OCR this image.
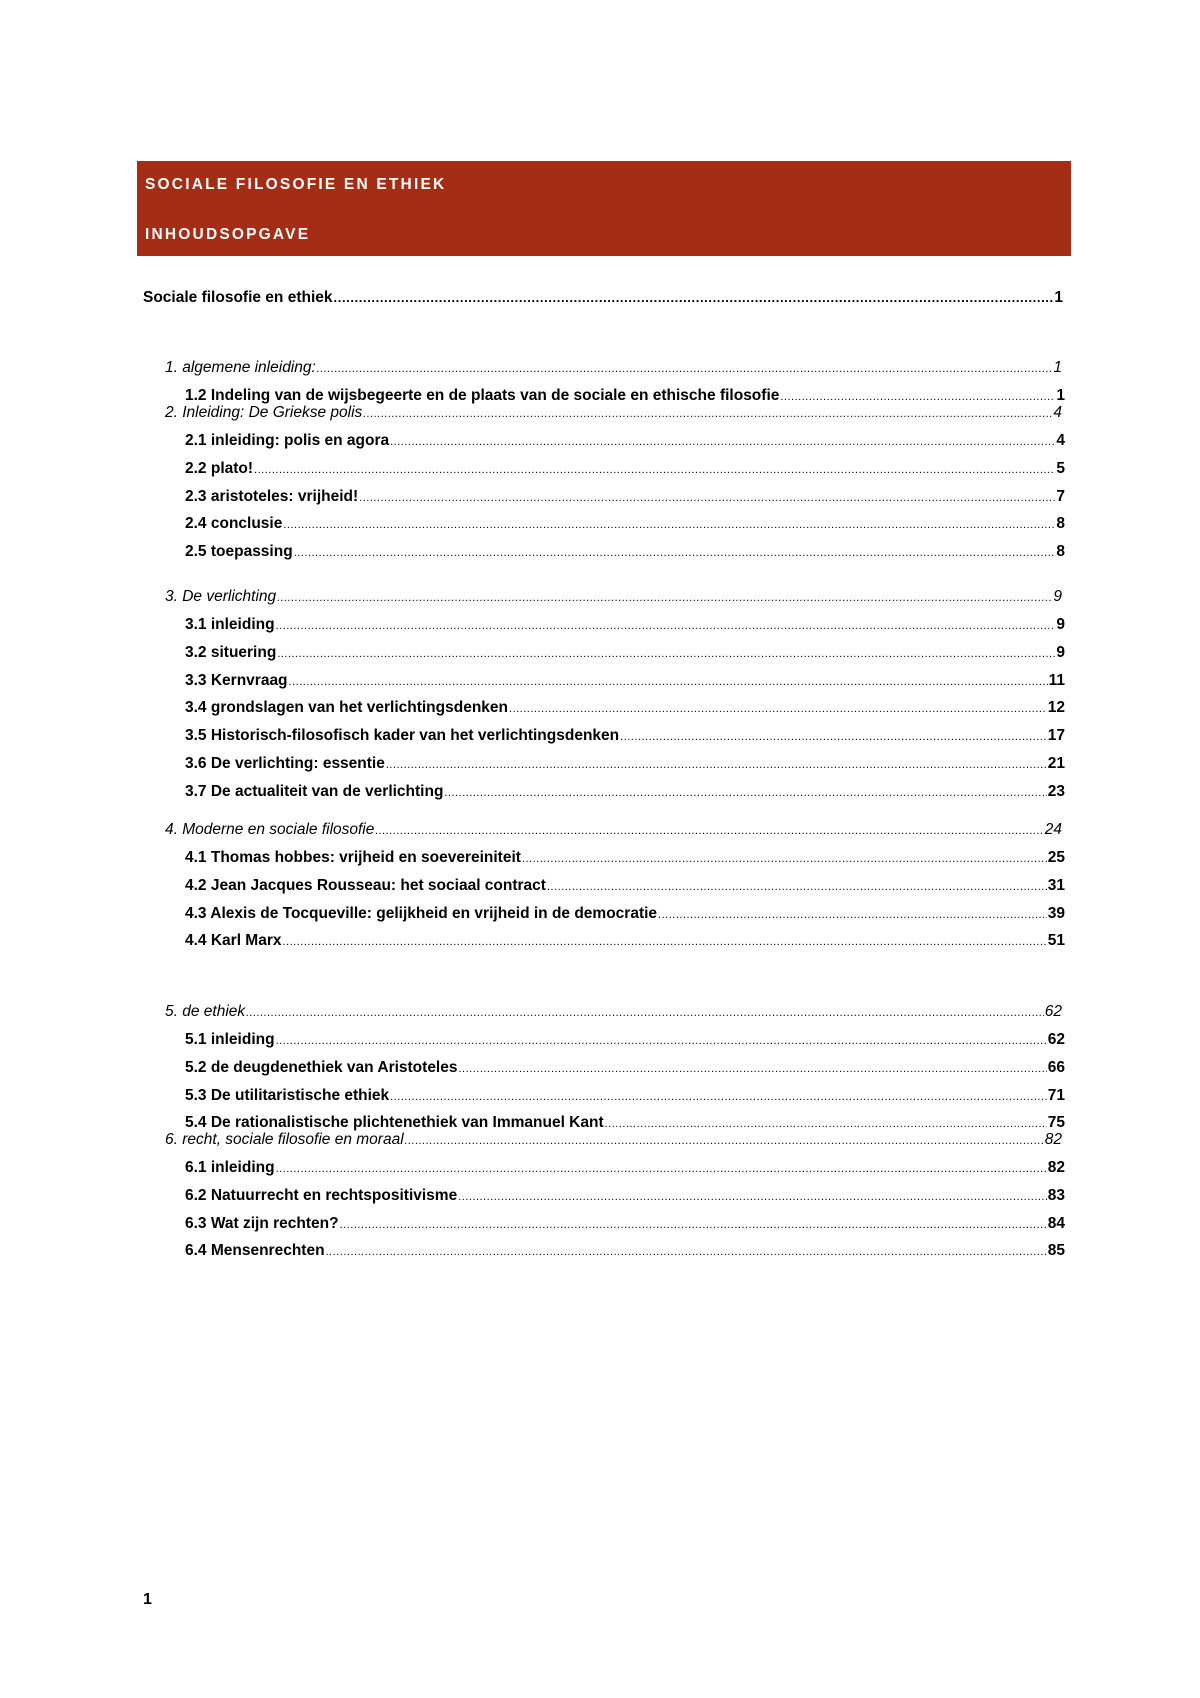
SOCIALE FILOSOFIE EN ETHIEK
INHOUDSOPGAVE
Sociale filosofie en ethiek .....	1
1. algemene inleiding: .....	1
1.2 Indeling van de wijsbegeerte en de plaats van de sociale en ethische filosofie .....	1
2. Inleiding: De Griekse polis .....	4
2.1 inleiding: polis en agora .....	4
2.2 plato! .....	5
2.3 aristoteles: vrijheid! .....	7
2.4 conclusie .....	8
2.5 toepassing .....	8
3. De verlichting .....	9
3.1 inleiding .....	9
3.2 situering .....	9
3.3 Kernvraag .....	11
3.4 grondslagen van het verlichtingsdenken .....	12
3.5 Historisch-filosofisch kader van het verlichtingsdenken .....	17
3.6 De verlichting: essentie .....	21
3.7 De actualiteit van de verlichting .....	23
4. Moderne en sociale filosofie .....	24
4.1 Thomas hobbes: vrijheid en soevereiniteit .....	25
4.2 Jean Jacques Rousseau: het sociaal contract .....	31
4.3 Alexis de Tocqueville: gelijkheid en vrijheid in de democratie .....	39
4.4 Karl Marx .....	51
5. de ethiek .....	62
5.1 inleiding .....	62
5.2 de deugdenethiek van Aristoteles .....	66
5.3 De utilitaristische ethiek .....	71
5.4 De rationalistische plichtenethiek van Immanuel Kant .....	75
6. recht, sociale filosofie en moraal .....	82
6.1 inleiding .....	82
6.2 Natuurrecht en rechtspositivisme .....	83
6.3 Wat zijn rechten? .....	84
6.4 Mensenrechten .....	85
1
